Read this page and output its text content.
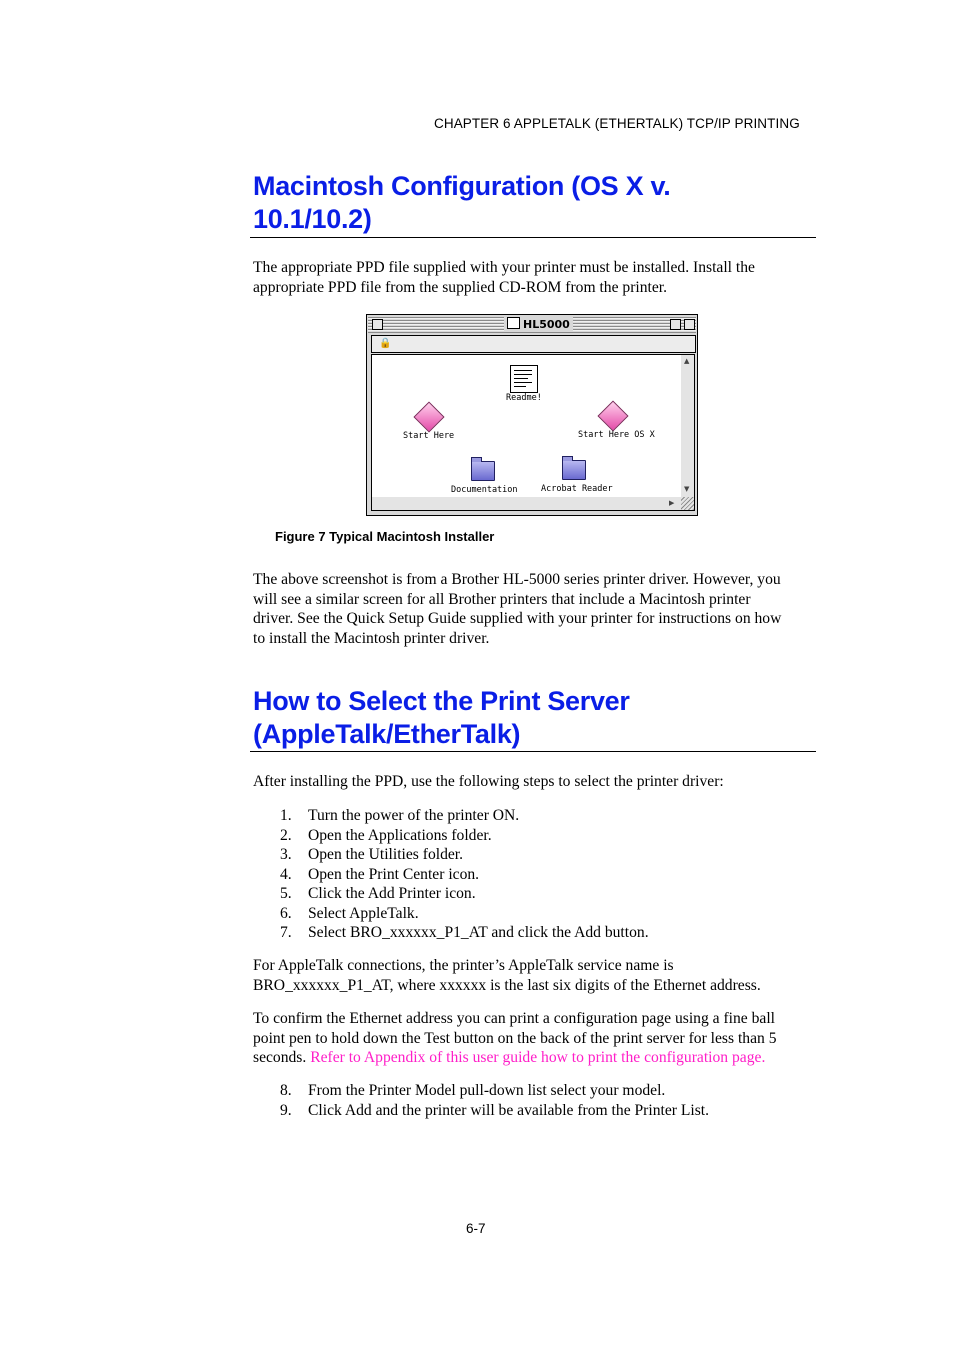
CHAPTER 6 APPLETALK (ETHERTALK) TCP/IP PRINTING
Macintosh Configuration (OS X v.
10.1/10.2)

The appropriate PPD file supplied with your printer must be installed. Install the
appropriate PPD file from the supplied CD-ROM from the printer.

HL5000
🔒
Readme!
Start Here	Start Here OS X
Documentation	Acrobat Reader
▲
▼
▶
Figure 7 Typical Macintosh Installer

The above screenshot is from a Brother HL-5000 series printer driver. However, you
will see a similar screen for all Brother printers that include a Macintosh printer
driver. See the Quick Setup Guide supplied with your printer for instructions on how
to install the Macintosh printer driver.

How to Select the Print Server
(AppleTalk/EtherTalk)

After installing the PPD, use the following steps to select the printer driver:

1. Turn the power of the printer ON.
2. Open the Applications folder.
3. Open the Utilities folder.
4. Open the Print Center icon.
5. Click the Add Printer icon.
6. Select AppleTalk.
7. Select BRO_xxxxxx_P1_AT and click the Add button.

For AppleTalk connections, the printer’s AppleTalk service name is
BRO_xxxxxx_P1_AT, where xxxxxx is the last six digits of the Ethernet address.

To confirm the Ethernet address you can print a configuration page using a fine ball
point pen to hold down the Test button on the back of the print server for less than 5
seconds. Refer to Appendix of this user guide how to print the configuration page.

8. From the Printer Model pull-down list select your model.
9. Click Add and the printer will be available from the Printer List.
6-7
